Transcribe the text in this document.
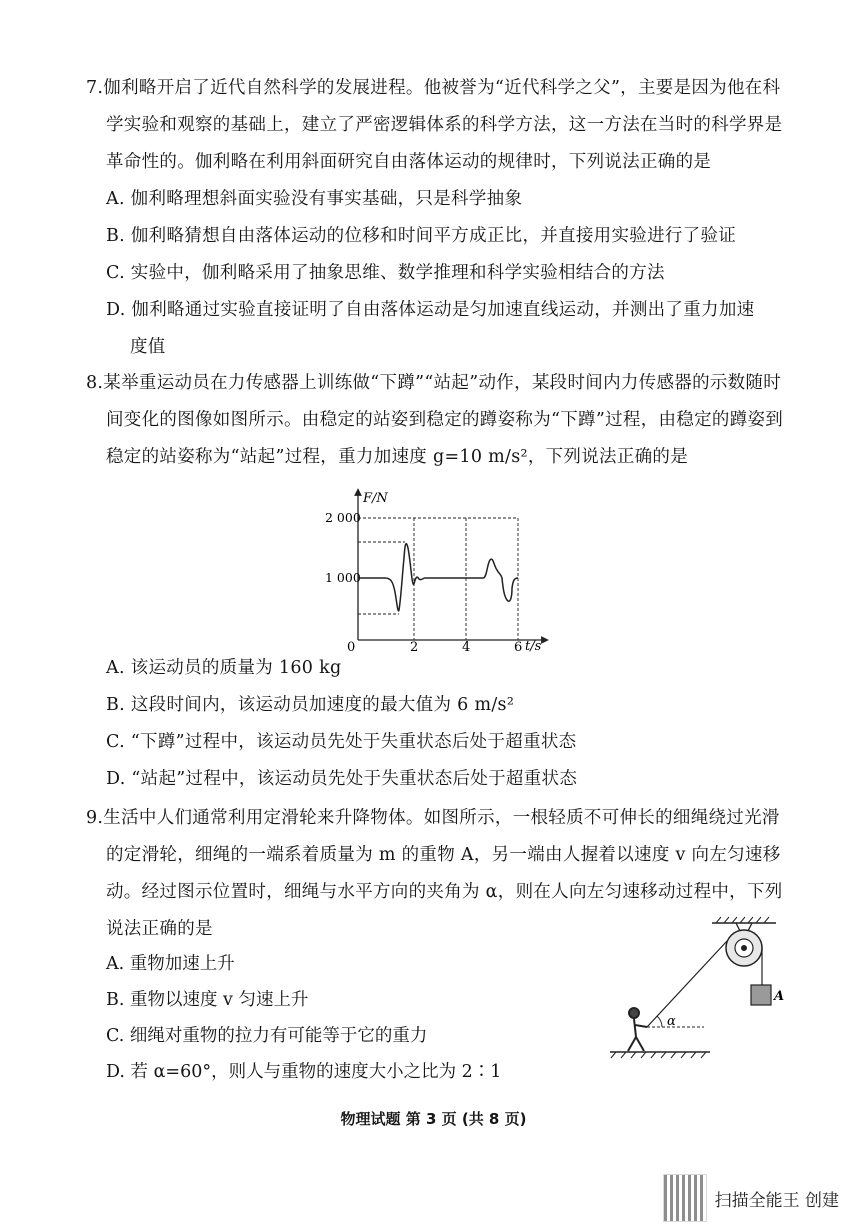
7.伽利略开启了近代自然科学的发展进程。他被誉为“近代科学之父”，主要是因为他在科学实验和观察的基础上，建立了严密逻辑体系的科学方法，这一方法在当时的科学界是革命性的。伽利略在利用斜面研究自由落体运动的规律时，下列说法正确的是

A. 伽利略理想斜面实验没有事实基础，只是科学抽象

B. 伽利略猜想自由落体运动的位移和时间平方成正比，并直接用实验进行了验证

C. 实验中，伽利略采用了抽象思维、数学推理和科学实验相结合的方法

D. 伽利略通过实验直接证明了自由落体运动是匀加速直线运动，并测出了重力加速

度值

8.某举重运动员在力传感器上训练做“下蹲”“站起”动作，某段时间内力传感器的示数随时间变化的图像如图所示。由稳定的站姿到稳定的蹲姿称为“下蹲”过程，由稳定的蹲姿到稳定的站姿称为“站起”过程，重力加速度 g=10 m/s²，下列说法正确的是

F/N
t/s
0
2 000
1 000
2	4	6

A. 该运动员的质量为 160 kg

B. 这段时间内，该运动员加速度的最大值为 6 m/s²

C. “下蹲”过程中，该运动员先处于失重状态后处于超重状态

D. “站起”过程中，该运动员先处于失重状态后处于超重状态

9.生活中人们通常利用定滑轮来升降物体。如图所示，一根轻质不可伸长的细绳绕过光滑的定滑轮，细绳的一端系着质量为 m 的重物 A，另一端由人握着以速度 v 向左匀速移动。经过图示位置时，细绳与水平方向的夹角为 α，则在人向左匀速移动过程中，下列说法正确的是

A. 重物加速上升

B. 重物以速度 v 匀速上升

C. 细绳对重物的拉力有可能等于它的重力

D. 若 α=60°，则人与重物的速度大小之比为 2∶1

A
α
物理试题 第 3 页 (共 8 页)
扫描全能王 创建
